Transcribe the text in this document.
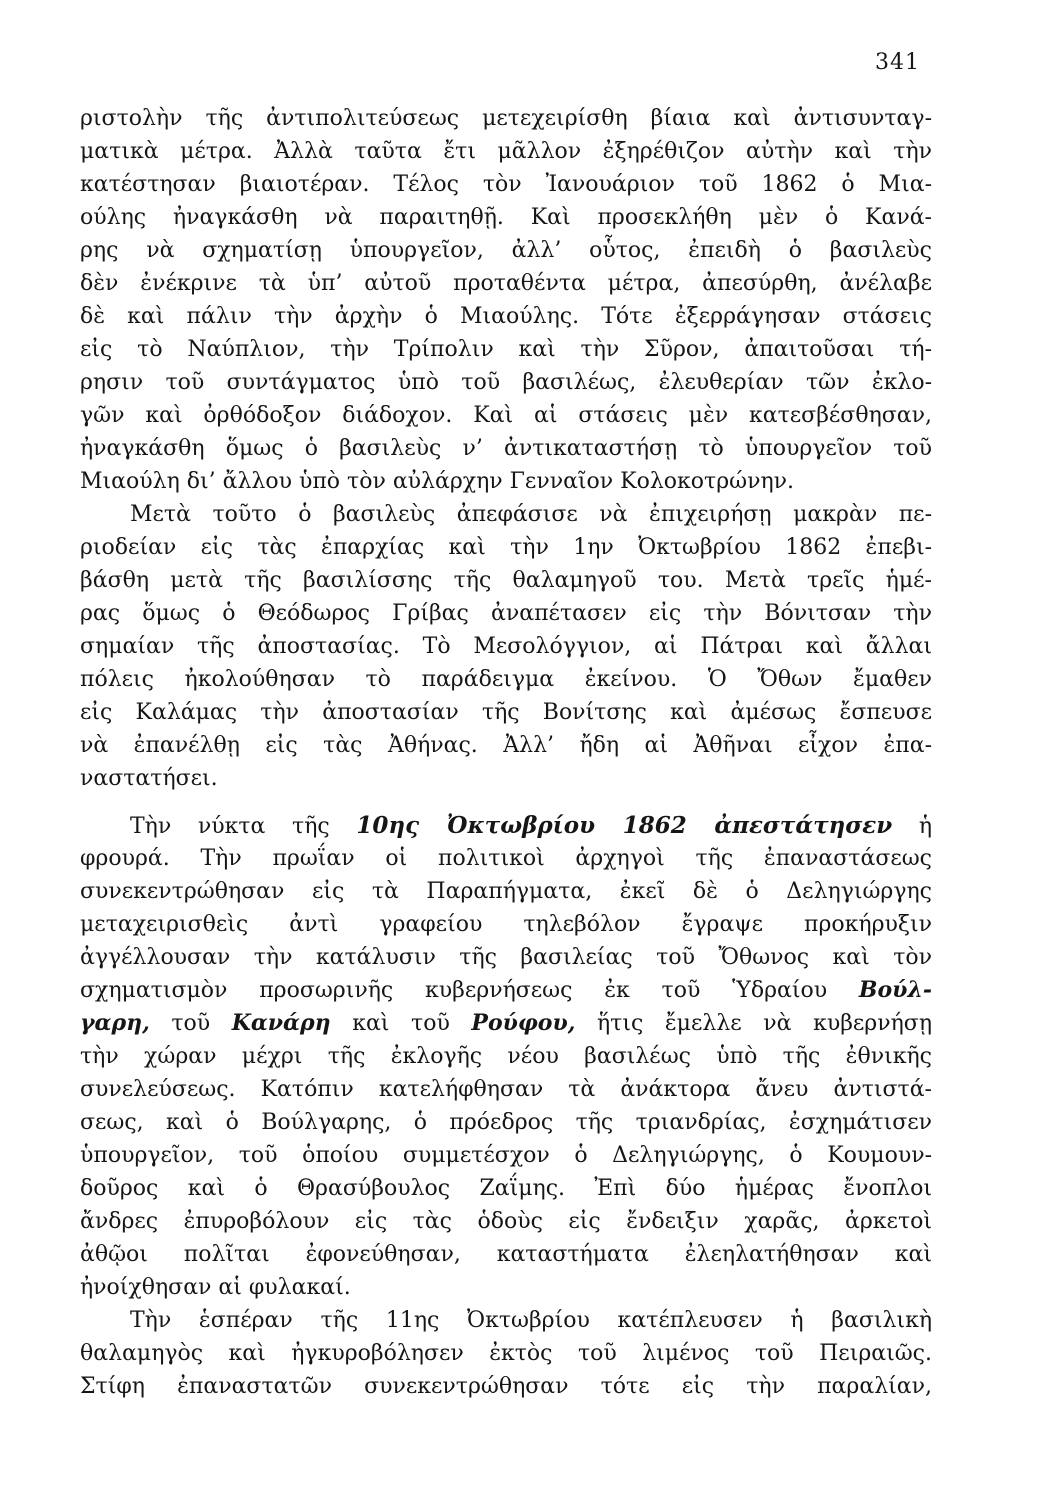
341
ριστολὴν τῆς ἀντιπολιτεύσεως μετεχειρίσθη βίαια καὶ ἀντισυνταγ-
ματικὰ μέτρα. Ἀλλὰ ταῦτα ἔτι μᾶλλον ἐξηρέθιζον αὐτὴν καὶ τὴν
κατέστησαν βιαιοτέραν. Τέλος τὸν Ἰανουάριον τοῦ 1862 ὁ Μια-
ούλης ἠναγκάσθη νὰ παραιτηθῇ. Καὶ προσεκλήθη μὲν ὁ Κανά-
ρης νὰ σχηματίσῃ ὑπουργεῖον, ἀλλ’ οὗτος, ἐπειδὴ ὁ βασιλεὺς
δὲν ἐνέκρινε τὰ ὑπ’ αὐτοῦ προταθέντα μέτρα, ἀπεσύρθη, ἀνέλαβε
δὲ καὶ πάλιν τὴν ἀρχὴν ὁ Μιαούλης. Τότε ἐξερράγησαν στάσεις
εἰς τὸ Ναύπλιον, τὴν Τρίπολιν καὶ τὴν Σῦρον, ἀπαιτοῦσαι τή-
ρησιν τοῦ συντάγματος ὑπὸ τοῦ βασιλέως, ἐλευθερίαν τῶν ἐκλο-
γῶν καὶ ὀρθόδοξον διάδοχον. Καὶ αἱ στάσεις μὲν κατεσβέσθησαν,
ἠναγκάσθη ὅμως ὁ βασιλεὺς ν’ ἀντικαταστήσῃ τὸ ὑπουργεῖον τοῦ
Μιαούλη δι’ ἄλλου ὑπὸ τὸν αὐλάρχην Γενναῖον Κολοκοτρώνην.
Μετὰ τοῦτο ὁ βασιλεὺς ἀπεφάσισε νὰ ἐπιχειρήσῃ μακρὰν πε-
ριοδείαν εἰς τὰς ἐπαρχίας καὶ τὴν 1ην Ὀκτωβρίου 1862 ἐπεβι-
βάσθη μετὰ τῆς βασιλίσσης τῆς θαλαμηγοῦ του. Μετὰ τρεῖς ἡμέ-
ρας ὅμως ὁ Θεόδωρος Γρίβας ἀναπέτασεν εἰς τὴν Βόνιτσαν τὴν
σημαίαν τῆς ἀποστασίας. Τὸ Μεσολόγγιον, αἱ Πάτραι καὶ ἄλλαι
πόλεις ἠκολούθησαν τὸ παράδειγμα ἐκείνου. Ὁ Ὄθων ἔμαθεν
εἰς Καλάμας τὴν ἀποστασίαν τῆς Βονίτσης καὶ ἀμέσως ἔσπευσε
νὰ ἐπανέλθῃ εἰς τὰς Ἀθήνας. Ἀλλ’ ἤδη αἱ Ἀθῆναι εἶχον ἐπα-
ναστατήσει.
Τὴν νύκτα τῆς 10ης Ὀκτωβρίου 1862 ἀπεστάτησεν ἡ
φρουρά. Τὴν πρωΐαν οἱ πολιτικοὶ ἀρχηγοὶ τῆς ἐπαναστάσεως
συνεκεντρώθησαν εἰς τὰ Παραπήγματα, ἐκεῖ δὲ ὁ Δεληγιώργης
μεταχειρισθεὶς ἀντὶ γραφείου τηλεβόλον ἔγραψε προκήρυξιν
ἀγγέλλουσαν τὴν κατάλυσιν τῆς βασιλείας τοῦ Ὄθωνος καὶ τὸν
σχηματισμὸν προσωρινῆς κυβερνήσεως ἐκ τοῦ Ὑδραίου Βούλ-
γαρη, τοῦ Κανάρη καὶ τοῦ Ρούφου, ἥτις ἔμελλε νὰ κυβερνήσῃ
τὴν χώραν μέχρι τῆς ἐκλογῆς νέου βασιλέως ὑπὸ τῆς ἐθνικῆς
συνελεύσεως. Κατόπιν κατελήφθησαν τὰ ἀνάκτορα ἄνευ ἀντιστά-
σεως, καὶ ὁ Βούλγαρης, ὁ πρόεδρος τῆς τριανδρίας, ἐσχημάτισεν
ὑπουργεῖον, τοῦ ὁποίου συμμετέσχον ὁ Δεληγιώργης, ὁ Κουμουν-
δοῦρος καὶ ὁ Θρασύβουλος Ζαΐμης. Ἐπὶ δύο ἡμέρας ἔνοπλοι
ἄνδρες ἐπυροβόλουν εἰς τὰς ὁδοὺς εἰς ἔνδειξιν χαρᾶς, ἀρκετοὶ
ἀθῷοι πολῖται ἐφονεύθησαν, καταστήματα ἐλεηλατήθησαν καὶ
ἠνοίχθησαν αἱ φυλακαί.
Τὴν ἑσπέραν τῆς 11ης Ὀκτωβρίου κατέπλευσεν ἡ βασιλικὴ
θαλαμηγὸς καὶ ἠγκυροβόλησεν ἐκτὸς τοῦ λιμένος τοῦ Πειραιῶς.
Στίφη ἐπαναστατῶν συνεκεντρώθησαν τότε εἰς τὴν παραλίαν,
